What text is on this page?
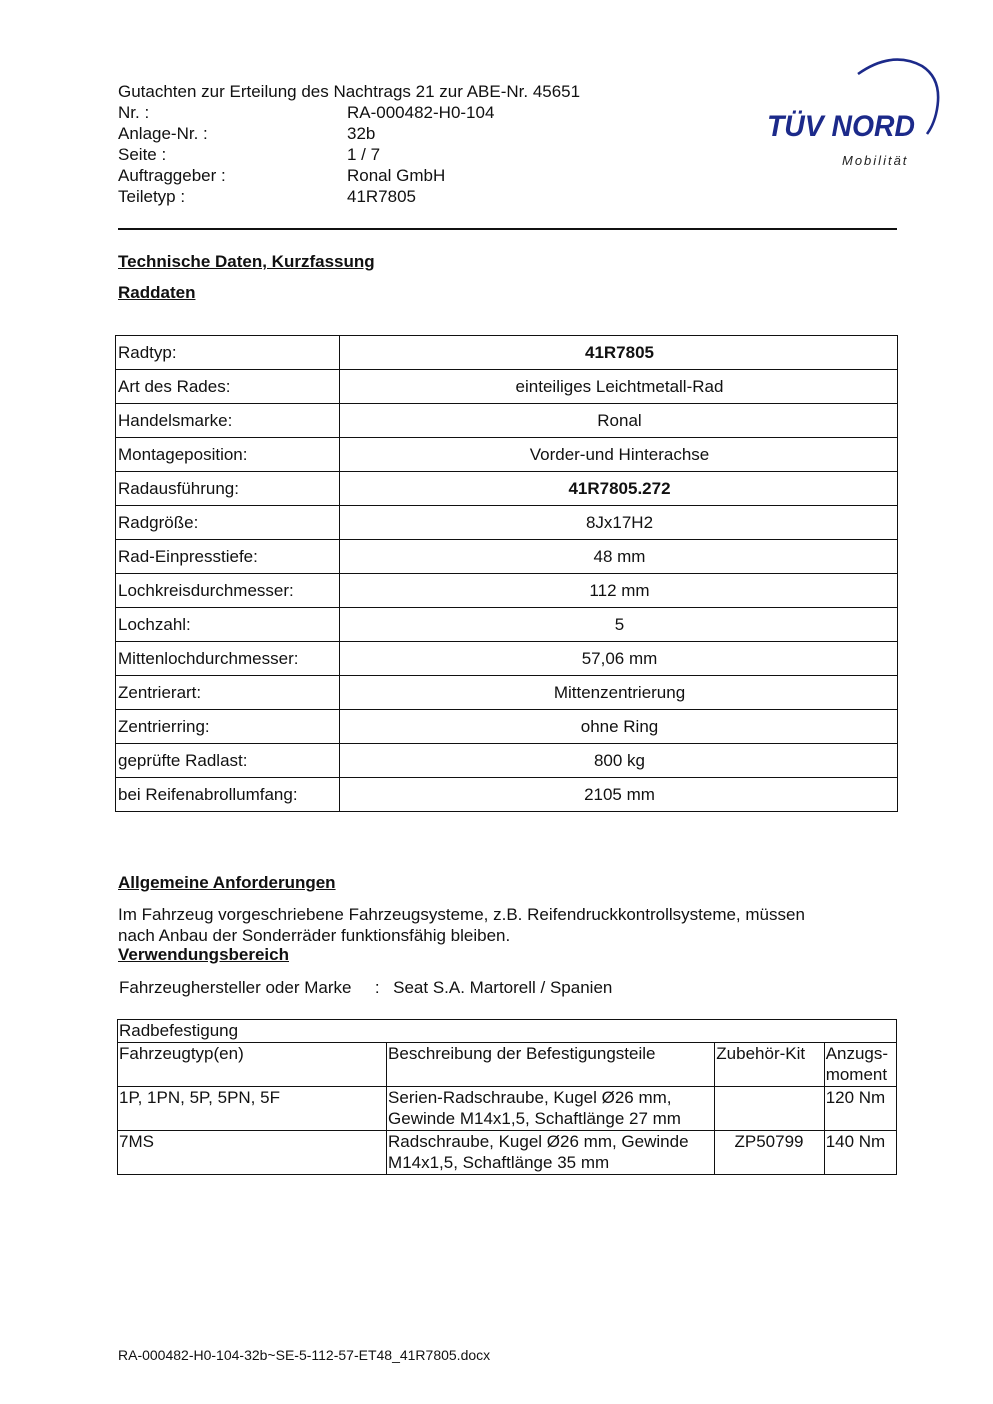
Gutachten zur Erteilung des Nachtrags 21 zur ABE-Nr. 45651
Nr. :	RA-000482-H0-104
Anlage-Nr. :	32b
Seite :	1 / 7
Auftraggeber :	Ronal GmbH
Teiletyp :	41R7805
TÜV NORD
Mobilität
Technische Daten, Kurzfassung
Raddaten
Radtyp:	41R7805
Art des Rades:	einteiliges Leichtmetall-Rad
Handelsmarke:	Ronal
Montageposition:	Vorder-und Hinterachse
Radausführung:	41R7805.272
Radgröße:	8Jx17H2
Rad-Einpresstiefe:	48 mm
Lochkreisdurchmesser:	112 mm
Lochzahl:	5
Mittenlochdurchmesser:	57,06 mm
Zentrierart:	Mittenzentrierung
Zentrierring:	ohne Ring
geprüfte Radlast:	800 kg
bei Reifenabrollumfang:	2105 mm
Allgemeine Anforderungen
Im Fahrzeug vorgeschriebene Fahrzeugsysteme, z.B. Reifendruckkontrollsysteme, müssen
nach Anbau der Sonderräder funktionsfähig bleiben.
Verwendungsbereich
Fahrzeughersteller oder Marke : Seat S.A. Martorell / Spanien
Radbefestigung			
Fahrzeugtyp(en)	Beschreibung der Befestigungsteile	Zubehör-Kit	Anzugs-
moment

1P, 1PN, 5P, 5PN, 5F	Serien-Radschraube, Kugel Ø26 mm,
Gewinde M14x1,5, Schaftlänge 27 mm		120 Nm
7MS	Radschraube, Kugel Ø26 mm, Gewinde
M14x1,5, Schaftlänge 35 mm	ZP50799	140 Nm
RA-000482-H0-104-32b~SE-5-112-57-ET48_41R7805.docx
